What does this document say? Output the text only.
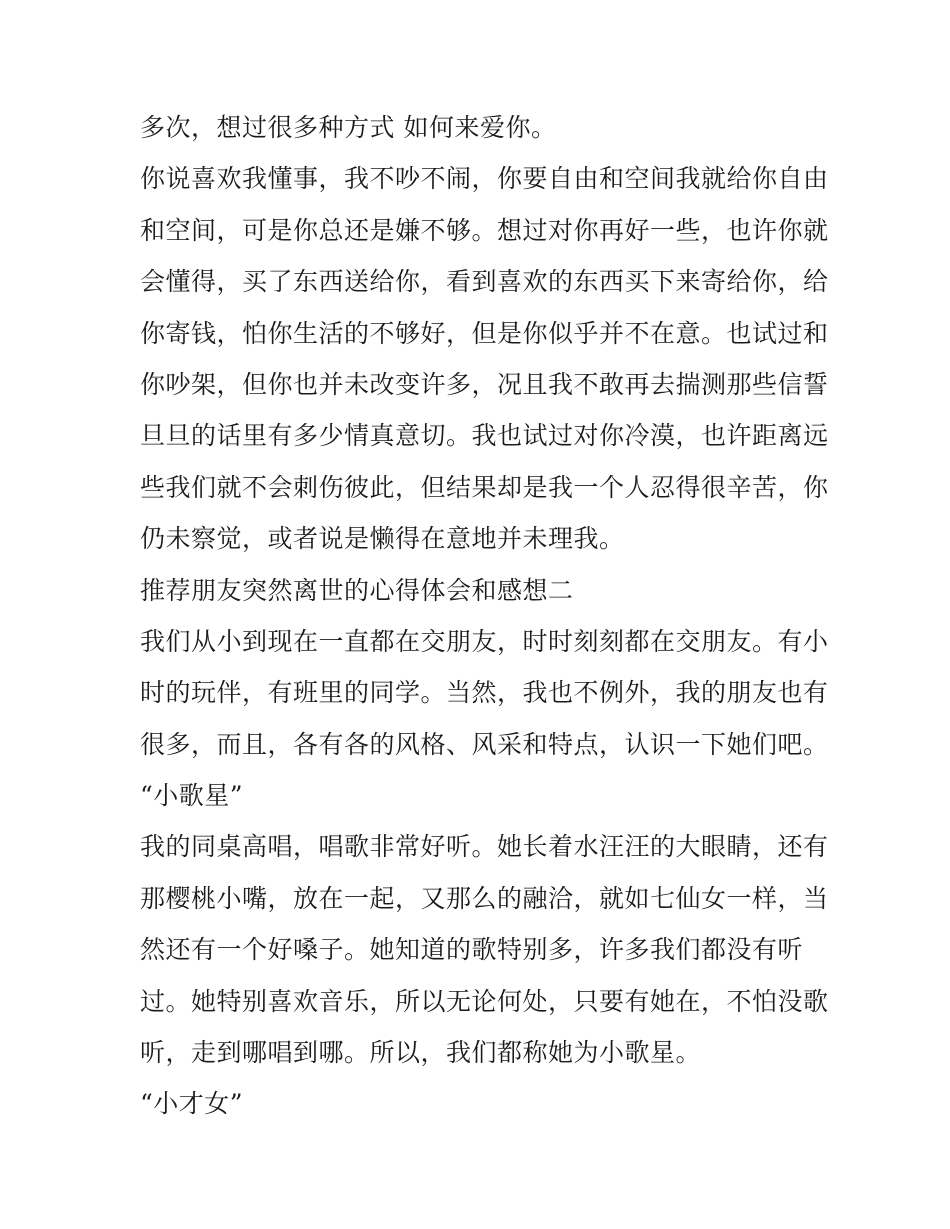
多次，想过很多种方式 如何来爱你。
你说喜欢我懂事，我不吵不闹，你要自由和空间我就给你自由
和空间，可是你总还是嫌不够。想过对你再好一些，也许你就
会懂得，买了东西送给你，看到喜欢的东西买下来寄给你，给
你寄钱，怕你生活的不够好，但是你似乎并不在意。也试过和
你吵架，但你也并未改变许多，况且我不敢再去揣测那些信誓
旦旦的话里有多少情真意切。我也试过对你冷漠，也许距离远
些我们就不会刺伤彼此，但结果却是我一个人忍得很辛苦，你
仍未察觉，或者说是懒得在意地并未理我。
推荐朋友突然离世的心得体会和感想二
我们从小到现在一直都在交朋友，时时刻刻都在交朋友。有小
时的玩伴，有班里的同学。当然，我也不例外，我的朋友也有
很多，而且，各有各的风格、风采和特点，认识一下她们吧。
“小歌星”
我的同桌高唱，唱歌非常好听。她长着水汪汪的大眼睛，还有
那樱桃小嘴，放在一起，又那么的融洽，就如七仙女一样，当
然还有一个好嗓子。她知道的歌特别多，许多我们都没有听
过。她特别喜欢音乐，所以无论何处，只要有她在，不怕没歌
听，走到哪唱到哪。所以，我们都称她为小歌星。
“小才女”
